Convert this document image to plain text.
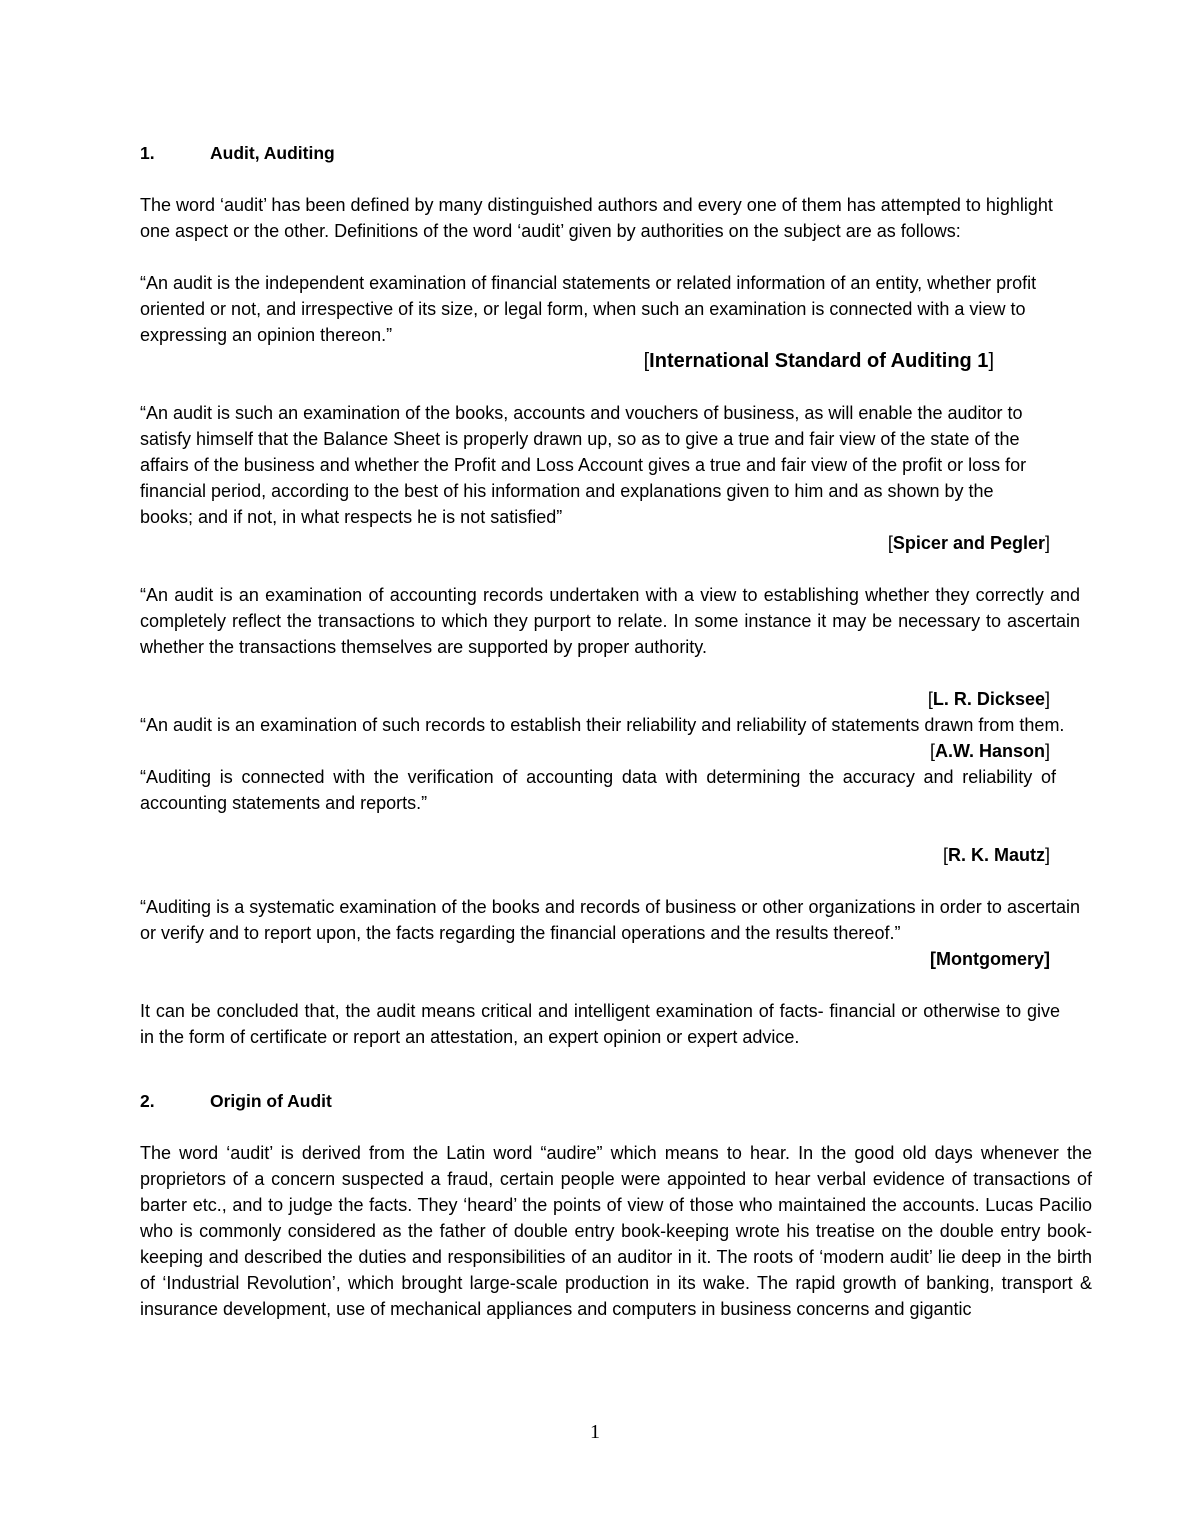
1.	Audit, Auditing

The word ‘audit’ has been defined by many distinguished authors and every one of them has attempted to highlight one aspect or the other. Definitions of the word ‘audit’ given by authorities on the subject are as follows:

“An audit is the independent examination of financial statements or related information of an entity, whether profit oriented or not, and irrespective of its size, or legal form, when such an examination is connected with a view to expressing an opinion thereon.”

[International Standard of Auditing 1]

“An audit is such an examination of the books, accounts and vouchers of business, as will enable the auditor to satisfy himself that the Balance Sheet is properly drawn up, so as to give a true and fair view of the state of the affairs of the business and whether the Profit and Loss Account gives a true and fair view of the profit or loss for financial period, according to the best of his information and explanations given to him and as shown by the books; and if not, in what respects he is not satisfied”

[Spicer and Pegler]

“An audit is an examination of accounting records undertaken with a view to establishing whether they correctly and completely reflect the transactions to which they purport to relate. In some instance it may be necessary to ascertain whether the transactions themselves are supported by proper authority.

[L. R. Dicksee]

“An audit is an examination of such records to establish their reliability and reliability of statements drawn from them.

[A.W. Hanson]

“Auditing is connected with the verification of accounting data with determining the accuracy and reliability of accounting statements and reports.”

[R. K. Mautz]

“Auditing is a systematic examination of the books and records of business or other organizations in order to ascertain or verify and to report upon, the facts regarding the financial operations and the results thereof.”

[Montgomery]

It can be concluded that, the audit means critical and intelligent examination of facts- financial or otherwise to give in the form of certificate or report an attestation, an expert opinion or expert advice.

2.	Origin of Audit

The word ‘audit’ is derived from the Latin word “audire” which means to hear. In the good old days whenever the proprietors of a concern suspected a fraud, certain people were appointed to hear verbal evidence of transactions of barter etc., and to judge the facts. They ‘heard’ the points of view of those who maintained the accounts. Lucas Pacilio who is commonly considered as the father of double entry book-keeping wrote his treatise on the double entry book-keeping and described the duties and responsibilities of an auditor in it. The roots of ‘modern audit’ lie deep in the birth of ‘Industrial Revolution’, which brought large-scale production in its wake. The rapid growth of banking, transport & insurance development, use of mechanical appliances and computers in business concerns and gigantic

1
